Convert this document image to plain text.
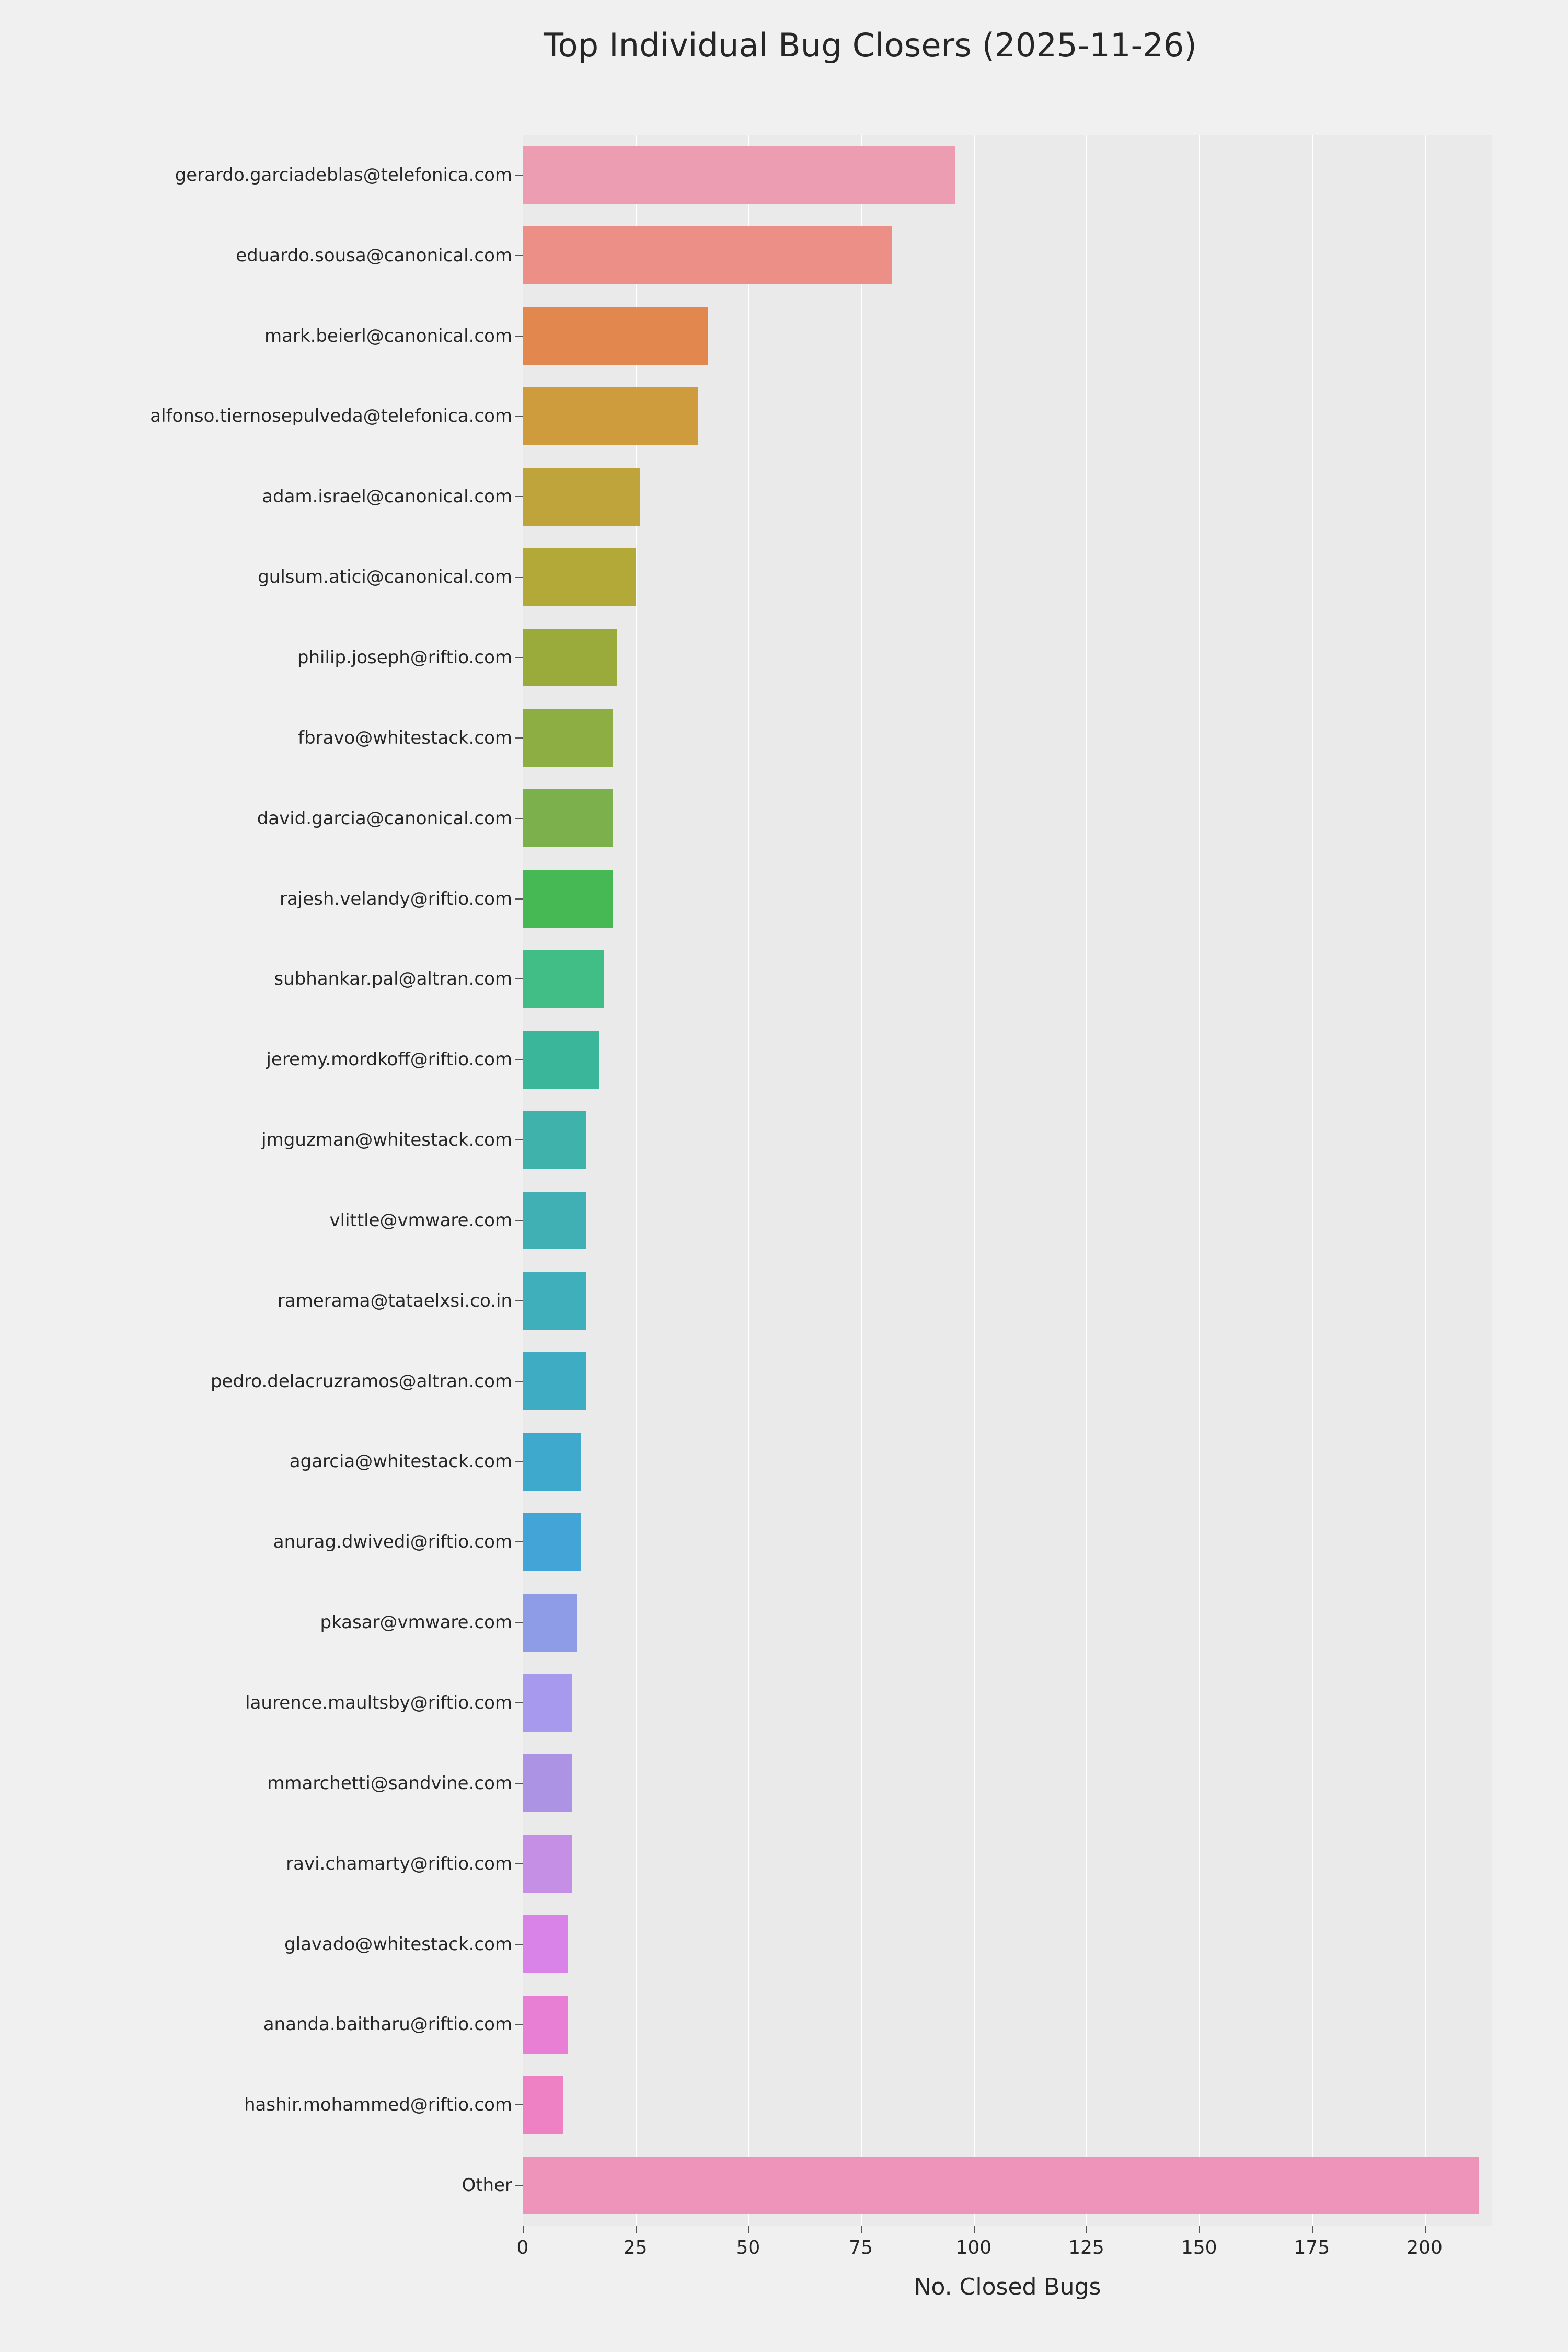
Top Individual Bug Closers (2025-11-26)
No. Closed Bugs
gerardo.garciadeblas@telefonica.com
eduardo.sousa@canonical.com
mark.beierl@canonical.com
alfonso.tiernosepulveda@telefonica.com
adam.israel@canonical.com
gulsum.atici@canonical.com
philip.joseph@riftio.com
fbravo@whitestack.com
david.garcia@canonical.com
rajesh.velandy@riftio.com
subhankar.pal@altran.com
jeremy.mordkoff@riftio.com
jmguzman@whitestack.com
vlittle@vmware.com
ramerama@tataelxsi.co.in
pedro.delacruzramos@altran.com
agarcia@whitestack.com
anurag.dwivedi@riftio.com
pkasar@vmware.com
laurence.maultsby@riftio.com
mmarchetti@sandvine.com
ravi.chamarty@riftio.com
glavado@whitestack.com
ananda.baitharu@riftio.com
hashir.mohammed@riftio.com
Other
0	25	50	75	100	125	150	175	200
